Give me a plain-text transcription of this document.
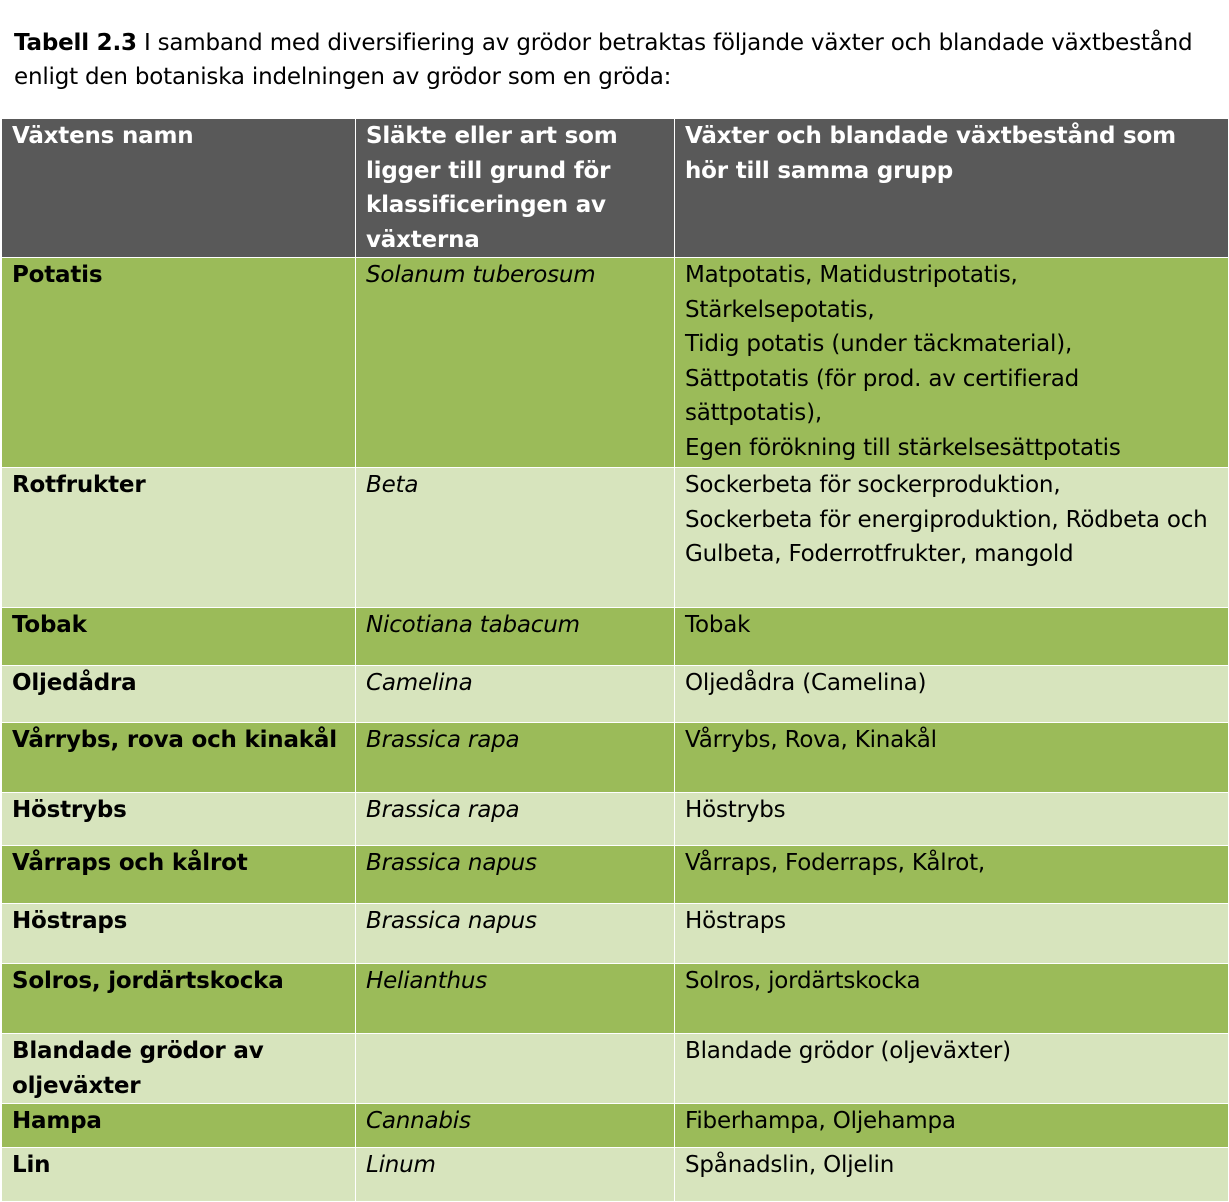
Tabell 2.3 I samband med diversifiering av grödor betraktas följande växter och blandade växtbestånd enligt den botaniska indelningen av grödor som en gröda:
Växtens namn	Släkte eller art som ligger till grund för klassificeringen av växterna	Växter och blandade växtbestånd som hör till samma grupp
Potatis	Solanum tuberosum	Matpotatis, Matidustripotatis,
Stärkelsepotatis,
Tidig potatis (under täckmaterial),
Sättpotatis (för prod. av certifierad sättpotatis),
Egen förökning till stärkelsesättpotatis

Rotfrukter	Beta	Sockerbeta för sockerproduktion,
Sockerbeta för energiproduktion, Rödbeta och Gulbeta, Foderrotfrukter, mangold

Tobak	Nicotiana tabacum	Tobak

Oljedådra	Camelina	Oljedådra (Camelina)

Vårrybs, rova och kinakål	Brassica rapa	Vårrybs, Rova, Kinakål

Höstrybs	Brassica rapa	Höstrybs

Vårraps och kålrot	Brassica napus	Vårraps, Foderraps, Kålrot,

Höstraps	Brassica napus	Höstraps

Solros, jordärtskocka	Helianthus	Solros, jordärtskocka

Blandade grödor av oljeväxter		Blandade grödor (oljeväxter)

Hampa	Cannabis	Fiberhampa, Oljehampa

Lin	Linum	Spånadslin, Oljelin
